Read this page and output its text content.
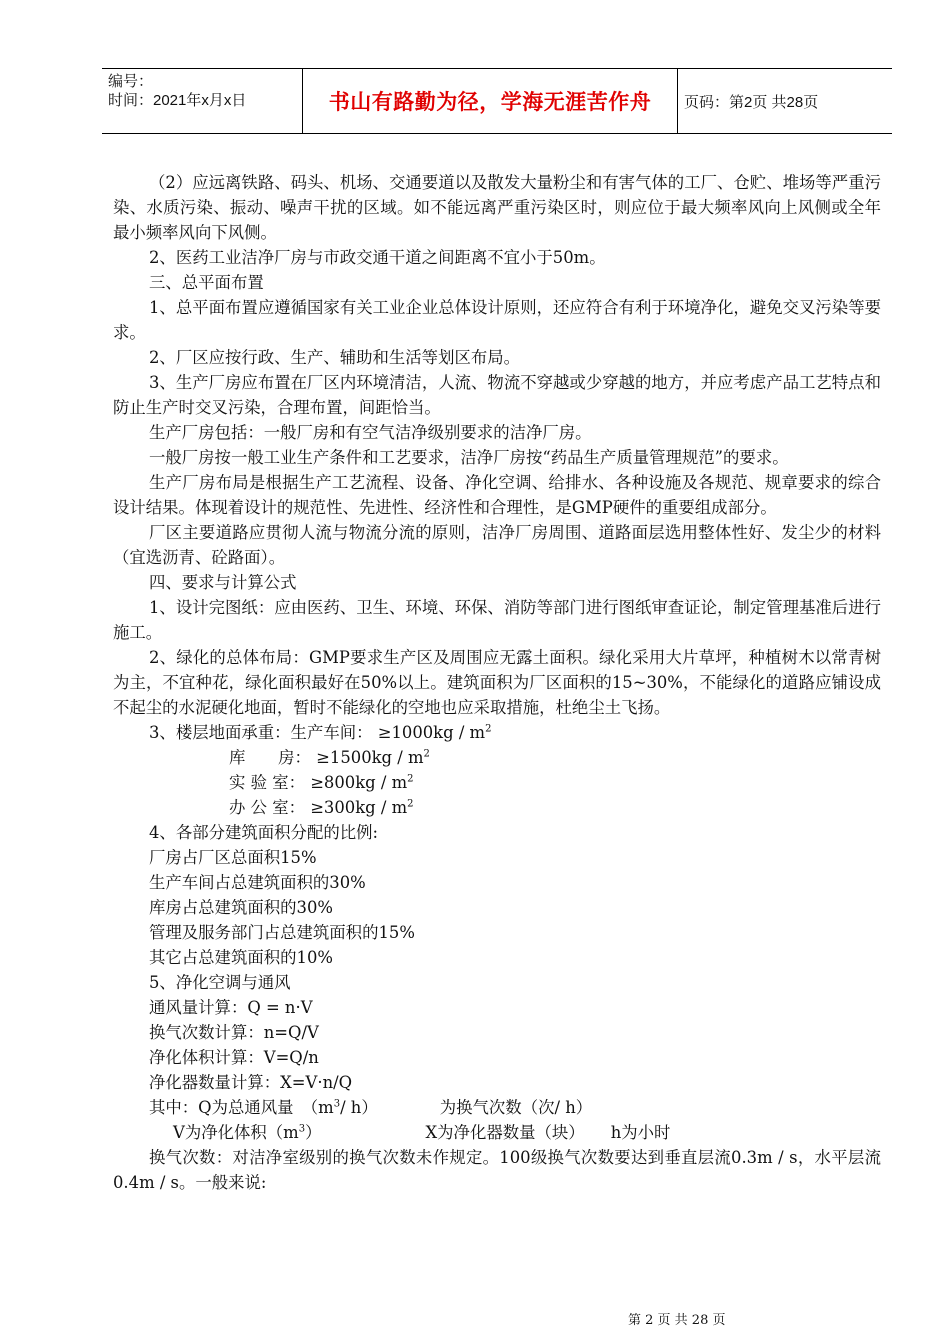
编号：
时间：2021年x月x日	书山有路勤为径，学海无涯苦作舟	页码：第2页 共28页

（2）应远离铁路、码头、机场、交通要道以及散发大量粉尘和有害气体的工厂、仓贮、堆场等严重污染、水质污染、振动、噪声干扰的区域。如不能远离严重污染区时，则应位于最大频率风向上风侧或全年最小频率风向下风侧。

2、医药工业洁净厂房与市政交通干道之间距离不宜小于50m。

三、总平面布置

1、总平面布置应遵循国家有关工业企业总体设计原则，还应符合有利于环境净化，避免交叉污染等要求。

2、厂区应按行政、生产、辅助和生活等划区布局。

3、生产厂房应布置在厂区内环境清洁，人流、物流不穿越或少穿越的地方，并应考虑产品工艺特点和防止生产时交叉污染，合理布置，间距恰当。

生产厂房包括：一般厂房和有空气洁净级别要求的洁净厂房。

一般厂房按一般工业生产条件和工艺要求，洁净厂房按“药品生产质量管理规范”的要求。

生产厂房布局是根据生产工艺流程、设备、净化空调、给排水、各种设施及各规范、规章要求的综合设计结果。体现着设计的规范性、先进性、经济性和合理性，是GMP硬件的重要组成部分。

厂区主要道路应贯彻人流与物流分流的原则，洁净厂房周围、道路面层选用整体性好、发尘少的材料（宜选沥青、砼路面）。

四、要求与计算公式

1、设计完图纸：应由医药、卫生、环境、环保、消防等部门进行图纸审查证论，制定管理基准后进行施工。

2、绿化的总体布局：GMP要求生产区及周围应无露土面积。绿化采用大片草坪，种植树木以常青树为主，不宜种花，绿化面积最好在50%以上。建筑面积为厂区面积的15~30%，不能绿化的道路应铺设成不起尘的水泥硬化地面，暂时不能绿化的空地也应采取措施，杜绝尘土飞扬。

3、楼层地面承重：生产车间： $\ge 1000kg / m^2$

库　　房： $\ge 1500kg / m^2$

实 验 室： $\ge 800kg / m^2$

办 公 室： $\ge 300kg / m^2$

4、各部分建筑面积分配的比例:

厂房占厂区总面积15%

生产车间占总建筑面积的30%

库房占总建筑面积的30%

管理及服务部门占总建筑面积的15%

其它占总建筑面积的10%

5、净化空调与通风

通风量计算：Q = n·V

换气次数计算：n=Q/V

净化体积计算：V=Q/n

净化器数量计算：X=V·n/Q

其中：Q为总通风量　（$m^3/$ h）	为换气次数（次/ h）

V为净化体积$(m^3)$	X为净化器数量（块） h为小时

换气次数：对洁净室级别的换气次数未作规定。100级换气次数要达到垂直层流0.3m / s，水平层流0.4m / s。一般来说:

第 2 页 共 28 页
